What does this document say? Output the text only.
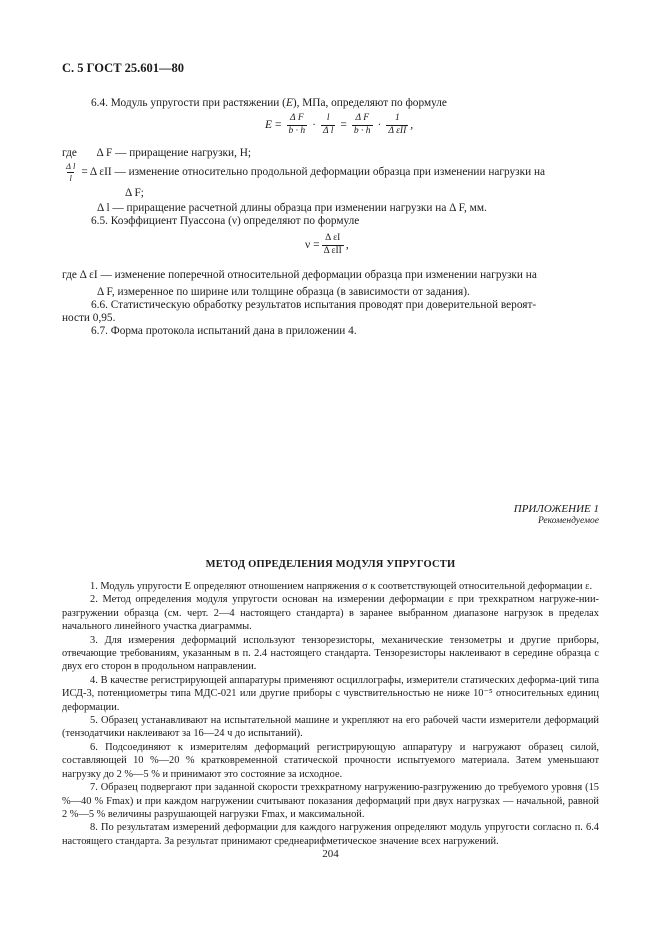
С. 5 ГОСТ 25.601—80
6.4. Модуль упругости при растяжении (E), МПа, определяют по формуле
$E = \frac{\text{Δ F}}{b \cdot h} \cdot \frac{l}{\text{Δ l}} = \frac{\text{Δ F}}{b \cdot h} \cdot \frac{1}{\text{Δ εII}}$ ,
где Δ F — приращение нагрузки, Н;
$\frac{\text{Δ l}}{l} = \Delta$ εII — изменение относительно продольной деформации образца при изменении нагрузки на
Δ F;
Δ l — приращение расчетной длины образца при изменении нагрузки на Δ F, мм.
6.5. Коэффициент Пуассона (ν) определяют по формуле
$\nu = \frac{\text{Δ εI}}{\text{Δ εII}}$ ,
где Δ εI — изменение поперечной относительной деформации образца при изменении нагрузки на
Δ F, измеренное по ширине или толщине образца (в зависимости от задания).
6.6. Статистическую обработку результатов испытания проводят при доверительной вероят-
ности 0,95.
6.7. Форма протокола испытаний дана в приложении 4.
ПРИЛОЖЕНИЕ 1
Рекомендуемое
МЕТОД ОПРЕДЕЛЕНИЯ МОДУЛЯ УПРУГОСТИ
1. Модуль упругости E определяют отношением напряжения σ к соответствующей относительной деформации ε.
2. Метод определения модуля упругости основан на измерении деформации ε при трехкратном нагруже-нии-разгружении образца (см. черт. 2—4 настоящего стандарта) в заранее выбранном диапазоне нагрузок в пределах начального линейного участка диаграммы.
3. Для измерения деформаций используют тензорезисторы, механические тензометры и другие приборы, отвечающие требованиям, указанным в п. 2.4 настоящего стандарта. Тензорезисторы наклеивают в середине образца с двух его сторон в продольном направлении.
4. В качестве регистрирующей аппаратуры применяют осциллографы, измерители статических деформа-ций типа ИСД-3, потенциометры типа МДС-021 или другие приборы с чувствительностью не ниже 10⁻⁵ относительных единиц деформации.
5. Образец устанавливают на испытательной машине и укрепляют на его рабочей части измерители деформаций (тензодатчики наклеивают за 16—24 ч до испытаний).
6. Подсоединяют к измерителям деформаций регистрирующую аппаратуру и нагружают образец силой, составляющей 10 %—20 % кратковременной статической прочности испытуемого материала. Затем уменьшают нагрузку до 2 %—5 % и принимают это состояние за исходное.
7. Образец подвергают при заданной скорости трехкратному нагружению-разгружению до требуемого уровня (15 %—40 % Fmax) и при каждом нагружении считывают показания деформаций при двух нагрузках — начальной, равной 2 %—5 % величины разрушающей нагрузки Fmax, и максимальной.
8. По результатам измерений деформации для каждого нагружения определяют модуль упругости согласно п. 6.4 настоящего стандарта. За результат принимают среднеарифметическое значение всех нагружений.
204
